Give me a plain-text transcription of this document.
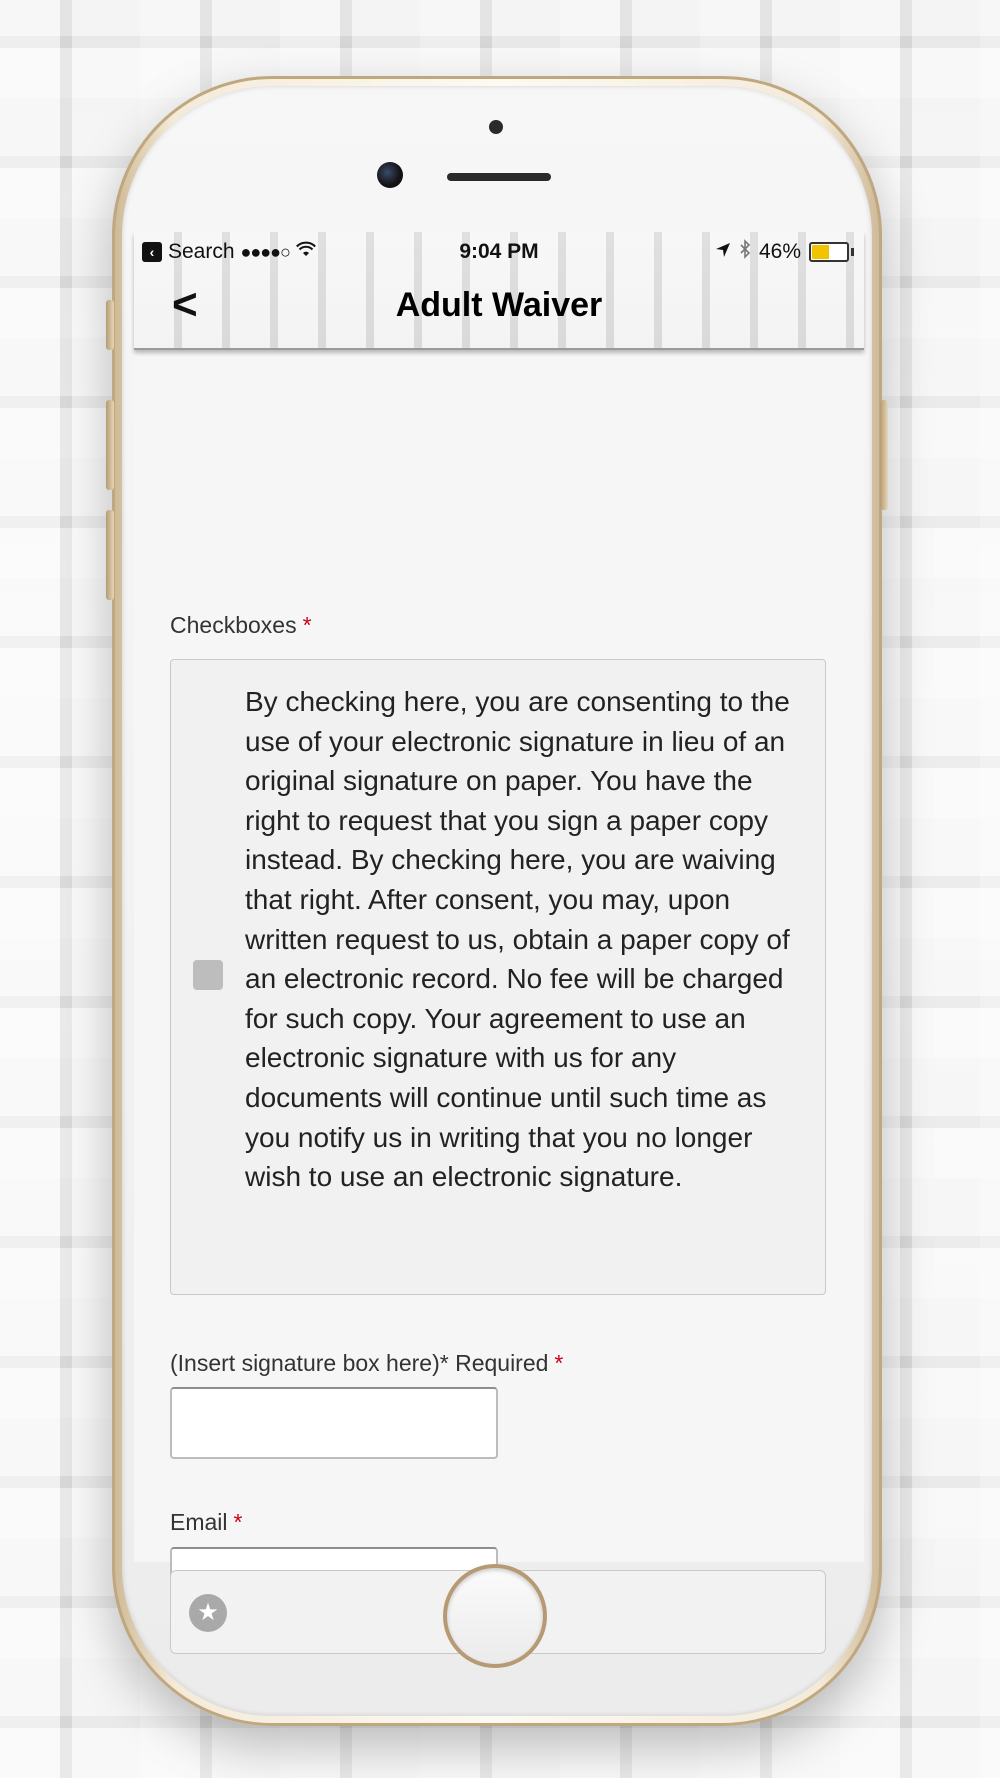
‹ Search ●●●●○	9:04 PM	46%
<	Adult Waiver
Checkboxes *
By checking here, you are consenting to the use of your electronic signature in lieu of an original signature on paper. You have the right to request that you sign a paper copy instead. By checking here, you are waiving that right. After consent, you may, upon written request to us, obtain a paper copy of an electronic record. No fee will be charged for such copy. Your agreement to use an electronic signature with us for any documents will continue until such time as you notify us in writing that you no longer wish to use an electronic signature.
(Insert signature box here)* Required *
Email *
★
